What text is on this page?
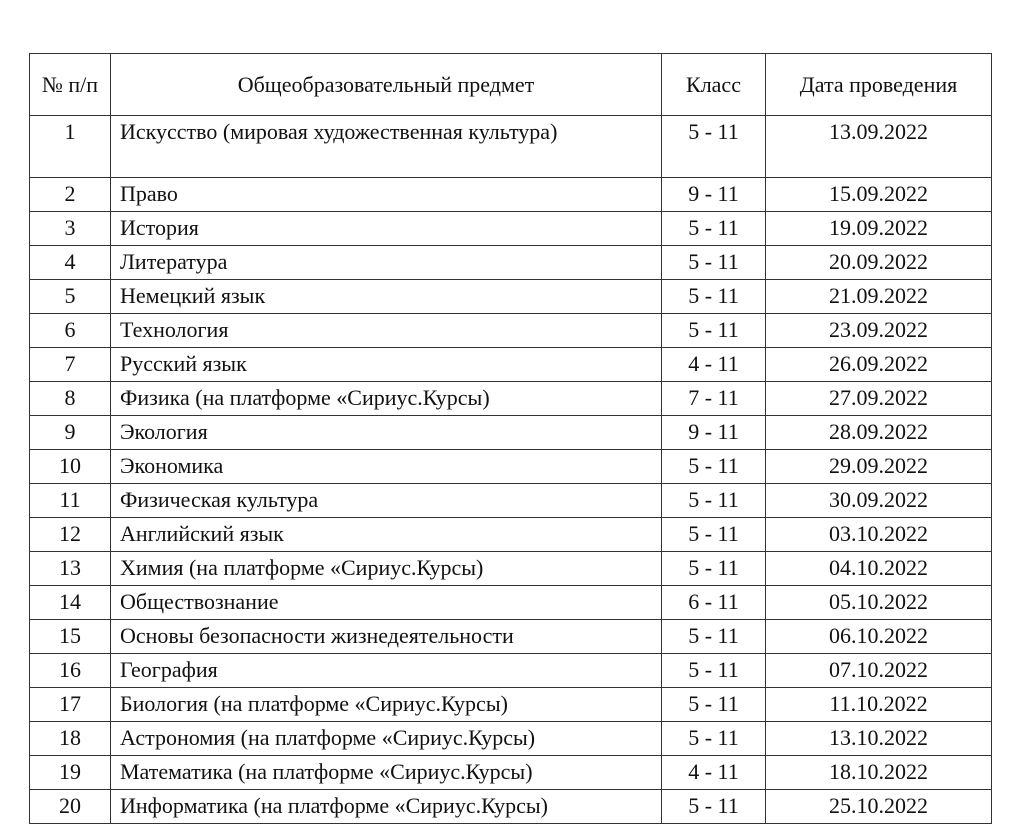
№ п/п	Общеобразовательный предмет	Класс	Дата проведения
1	Искусство (мировая художественная культура)	5 - 11	13.09.2022
2	Право	9 - 11	15.09.2022
3	История	5 - 11	19.09.2022
4	Литература	5 - 11	20.09.2022
5	Немецкий язык	5 - 11	21.09.2022
6	Технология	5 - 11	23.09.2022
7	Русский язык	4 - 11	26.09.2022
8	Физика (на платформе «Сириус.Курсы)	7 - 11	27.09.2022
9	Экология	9 - 11	28.09.2022
10	Экономика	5 - 11	29.09.2022
11	Физическая культура	5 - 11	30.09.2022
12	Английский язык	5 - 11	03.10.2022
13	Химия (на платформе «Сириус.Курсы)	5 - 11	04.10.2022
14	Обществознание	6 - 11	05.10.2022
15	Основы безопасности жизнедеятельности	5 - 11	06.10.2022
16	География	5 - 11	07.10.2022
17	Биология (на платформе «Сириус.Курсы)	5 - 11	11.10.2022
18	Астрономия (на платформе «Сириус.Курсы)	5 - 11	13.10.2022
19	Математика (на платформе «Сириус.Курсы)	4 - 11	18.10.2022
20	Информатика (на платформе «Сириус.Курсы)	5 - 11	25.10.2022
